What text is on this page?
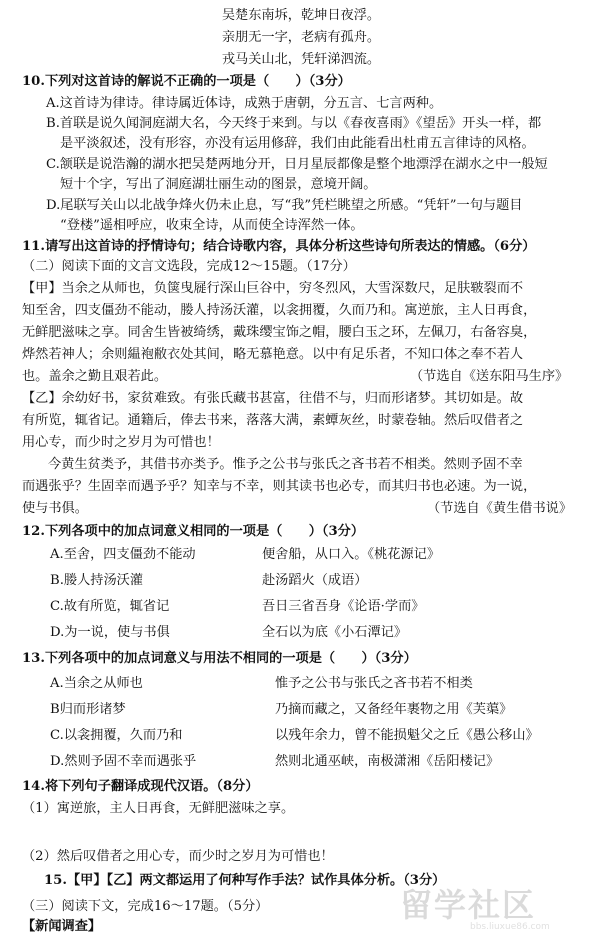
吴楚东南坼，乾坤日夜浮。
亲朋无一字，老病有孤舟。
戎马关山北，凭轩涕泗流。
10.下列对这首诗的解说不正确的一项是（　　）（3分）
A.这首诗为律诗。律诗属近体诗，成熟于唐朝，分五言、七言两种。
B.首联是说久闻洞庭湖大名，今天终于来到。与以《春夜喜雨》《望岳》开头一样，都
是平淡叙述，没有形容，亦没有运用修辞，我们由此能看出杜甫五言律诗的风格。
C.颔联是说浩瀚的湖水把吴楚两地分开，日月星辰都像是整个地漂浮在湖水之中一般短
短十个字，写出了洞庭湖壮丽生动的图景，意境开阔。
D.尾联写关山以北战争烽火仍未止息，写“我”凭栏眺望之所感。“凭轩”一句与题目
“登楼”遥相呼应，收束全诗，从而使全诗浑然一体。
11.请写出这首诗的抒情诗句；结合诗歌内容，具体分析这些诗句所表达的情感。（6分）
（二）阅读下面的文言文选段，完成12～15题。（17分）
【甲】当余之从师也，负箧曳屣行深山巨谷中，穷冬烈风，大雪深数尺，足肤皲裂而不
知至舍，四支僵劲不能动，媵人持汤沃灌，以衾拥覆，久而乃和。寓逆旅，主人日再食，
无鲜肥滋味之享。同舍生皆被绮绣，戴珠缨宝饰之帽，腰白玉之环，左佩刀，右备容臭，
烨然若神人；余则緼袍敝衣处其间，略无慕艳意。以中有足乐者，不知口体之奉不若人
也。盖余之勤且艰若此。	（节选自《送东阳马生序》
【乙】余幼好书，家贫难致。有张氏藏书甚富，往借不与，归而形诸梦。其切如是。故
有所览，辄省记。通籍后，俸去书来，落落大满，素蟫灰丝，时蒙卷轴。然后叹借者之
用心专，而少时之岁月为可惜也！
今黄生贫类予，其借书亦类予。惟予之公书与张氏之吝书若不相类。然则予固不幸
而遇张乎？生固幸而遇予乎？知幸与不幸，则其读书也必专，而其归书也必速。为一说，
使与书俱。	（节选自《黄生借书说》
12.下列各项中的加点词意义相同的一项是（　　）（3分）
A.至舍，四支僵劲不能动	便舍船，从口入。《桃花源记》
B.媵人持汤沃灌	赴汤蹈火（成语）
C.故有所览，辄省记	吾日三省吾身《论语·学而》
D.为一说，使与书俱	全石以为底《小石潭记》
13.下列各项中的加点词意义与用法不相同的一项是（　　）（3分）
A.当余之从师也	惟予之公书与张氏之吝书若不相类
B归而形诸梦	乃摘而藏之，又备经年裹物之用《芙蕖》
C.以衾拥覆，久而乃和	以残年余力，曾不能损魁父之丘《愚公移山》
D.然则予固不幸而遇张乎	然则北通巫峡，南极潇湘《岳阳楼记》
14.将下列句子翻译成现代汉语。（8分）
（1）寓逆旅，主人日再食，无鲜肥滋味之享。
（2）然后叹借者之用心专，而少时之岁月为可惜也！
15.【甲】【乙】两文都运用了何种写作手法？试作具体分析。（3分）
（三）阅读下文，完成16～17题。（5分）
【新闻调查】
留学社区
bbs.liuxue86.com
